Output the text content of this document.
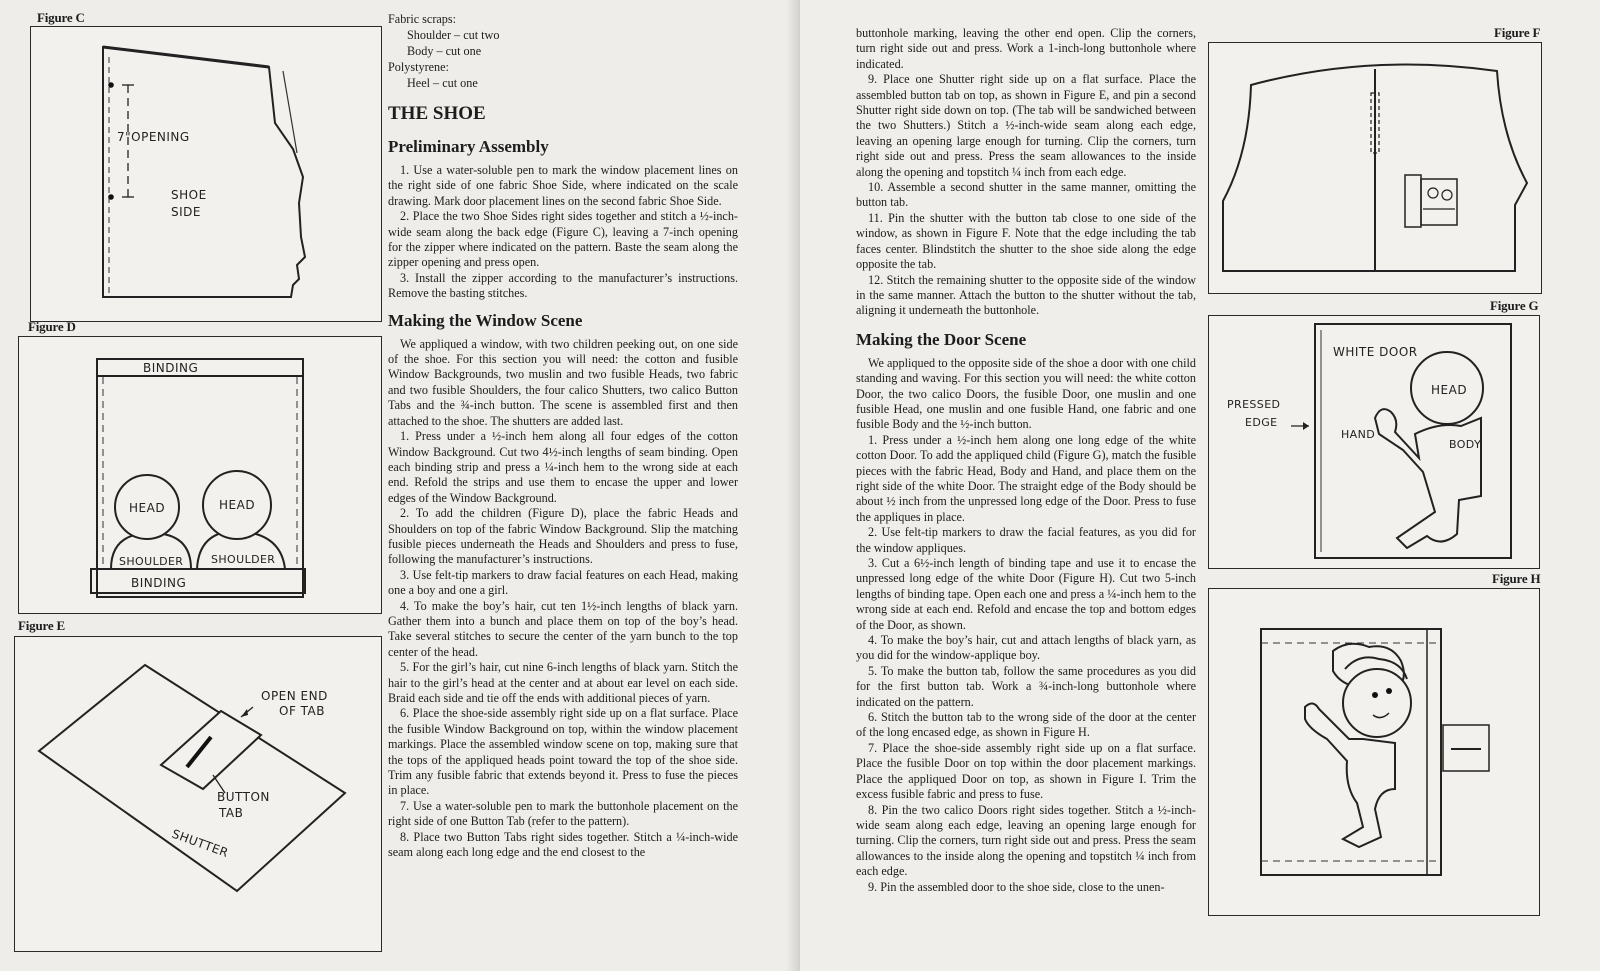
Figure C
7"OPENING
SHOE
SIDE
Figure D
BINDING
HEAD	HEAD
SHOULDER	SHOULDER
BINDING
Figure E
OPEN END
OF TAB
BUTTON
TAB
SHUTTER
Fabric scraps:
Shoulder – cut two
Body – cut one
Polystyrene:
Heel – cut one

THE SHOE

Preliminary Assembly

1. Use a water-soluble pen to mark the window placement lines on the right side of one fabric Shoe Side, where indicated on the scale drawing. Mark door placement lines on the second fabric Shoe Side.

2. Place the two Shoe Sides right sides together and stitch a ½-inch-wide seam along the back edge (Figure C), leaving a 7-inch opening for the zipper where indicated on the pattern. Baste the seam along the zipper opening and press open.

3. Install the zipper according to the manufacturer’s instructions. Remove the basting stitches.

Making the Window Scene

We appliqued a window, with two children peeking out, on one side of the shoe. For this section you will need: the cotton and fusible Window Backgrounds, two muslin and two fusible Heads, two fabric and two fusible Shoulders, the four calico Shutters, two calico Button Tabs and the ¾-inch button. The scene is assembled first and then attached to the shoe. The shutters are added last.

1. Press under a ½-inch hem along all four edges of the cotton Window Background. Cut two 4½-inch lengths of seam binding. Open each binding strip and press a ¼-inch hem to the wrong side at each end. Refold the strips and use them to encase the upper and lower edges of the Window Background.

2. To add the children (Figure D), place the fabric Heads and Shoulders on top of the fabric Window Background. Slip the matching fusible pieces underneath the Heads and Shoulders and press to fuse, following the manufacturer’s instructions.

3. Use felt-tip markers to draw facial features on each Head, making one a boy and one a girl.

4. To make the boy’s hair, cut ten 1½-inch lengths of black yarn. Gather them into a bunch and place them on top of the boy’s head. Take several stitches to secure the center of the yarn bunch to the top center of the head.

5. For the girl’s hair, cut nine 6-inch lengths of black yarn. Stitch the hair to the girl’s head at the center and at about ear level on each side. Braid each side and tie off the ends with additional pieces of yarn.

6. Place the shoe-side assembly right side up on a flat surface. Place the fusible Window Background on top, within the window placement markings. Place the assembled window scene on top, making sure that the tops of the appliqued heads point toward the top of the shoe side. Trim any fusible fabric that extends beyond it. Press to fuse the pieces in place.

7. Use a water-soluble pen to mark the buttonhole placement on the right side of one Button Tab (refer to the pattern).

8. Place two Button Tabs right sides together. Stitch a ¼-inch-wide seam along each long edge and the end closest to the

buttonhole marking, leaving the other end open. Clip the corners, turn right side out and press. Work a 1-inch-long buttonhole where indicated.

9. Place one Shutter right side up on a flat surface. Place the assembled button tab on top, as shown in Figure E, and pin a second Shutter right side down on top. (The tab will be sandwiched between the two Shutters.) Stitch a ½-inch-wide seam along each edge, leaving an opening large enough for turning. Clip the corners, turn right side out and press. Press the seam allowances to the inside along the opening and topstitch ¼ inch from each edge.

10. Assemble a second shutter in the same manner, omitting the button tab.

11. Pin the shutter with the button tab close to one side of the window, as shown in Figure F. Note that the edge including the tab faces center. Blindstitch the shutter to the shoe side along the edge opposite the tab.

12. Stitch the remaining shutter to the opposite side of the window in the same manner. Attach the button to the shutter without the tab, aligning it underneath the buttonhole.

Making the Door Scene

We appliqued to the opposite side of the shoe a door with one child standing and waving. For this section you will need: the white cotton Door, the two calico Doors, the fusible Door, one muslin and one fusible Head, one muslin and one fusible Hand, one fabric and one fusible Body and the ½-inch button.

1. Press under a ½-inch hem along one long edge of the white cotton Door. To add the appliqued child (Figure G), match the fusible pieces with the fabric Head, Body and Hand, and place them on the right side of the white Door. The straight edge of the Body should be about ½ inch from the unpressed long edge of the Door. Press to fuse the appliques in place.

2. Use felt-tip markers to draw the facial features, as you did for the window appliques.

3. Cut a 6½-inch length of binding tape and use it to encase the unpressed long edge of the white Door (Figure H). Cut two 5-inch lengths of binding tape. Open each one and press a ¼-inch hem to the wrong side at each end. Refold and encase the top and bottom edges of the Door, as shown.

4. To make the boy’s hair, cut and attach lengths of black yarn, as you did for the window-applique boy.

5. To make the button tab, follow the same procedures as you did for the first button tab. Work a ¾-inch-long buttonhole where indicated on the pattern.

6. Stitch the button tab to the wrong side of the door at the center of the long encased edge, as shown in Figure H.

7. Place the shoe-side assembly right side up on a flat surface. Place the fusible Door on top within the door placement markings. Place the appliqued Door on top, as shown in Figure I. Trim the excess fusible fabric and press to fuse.

8. Pin the two calico Doors right sides together. Stitch a ½-inch-wide seam along each edge, leaving an opening large enough for turning. Clip the corners, turn right side out and press. Press the seam allowances to the inside along the opening and topstitch ¼ inch from each edge.

9. Pin the assembled door to the shoe side, close to the unen-

Figure F
Figure G
WHITE DOOR
HEAD
HAND
BODY
PRESSED
EDGE
Figure H
